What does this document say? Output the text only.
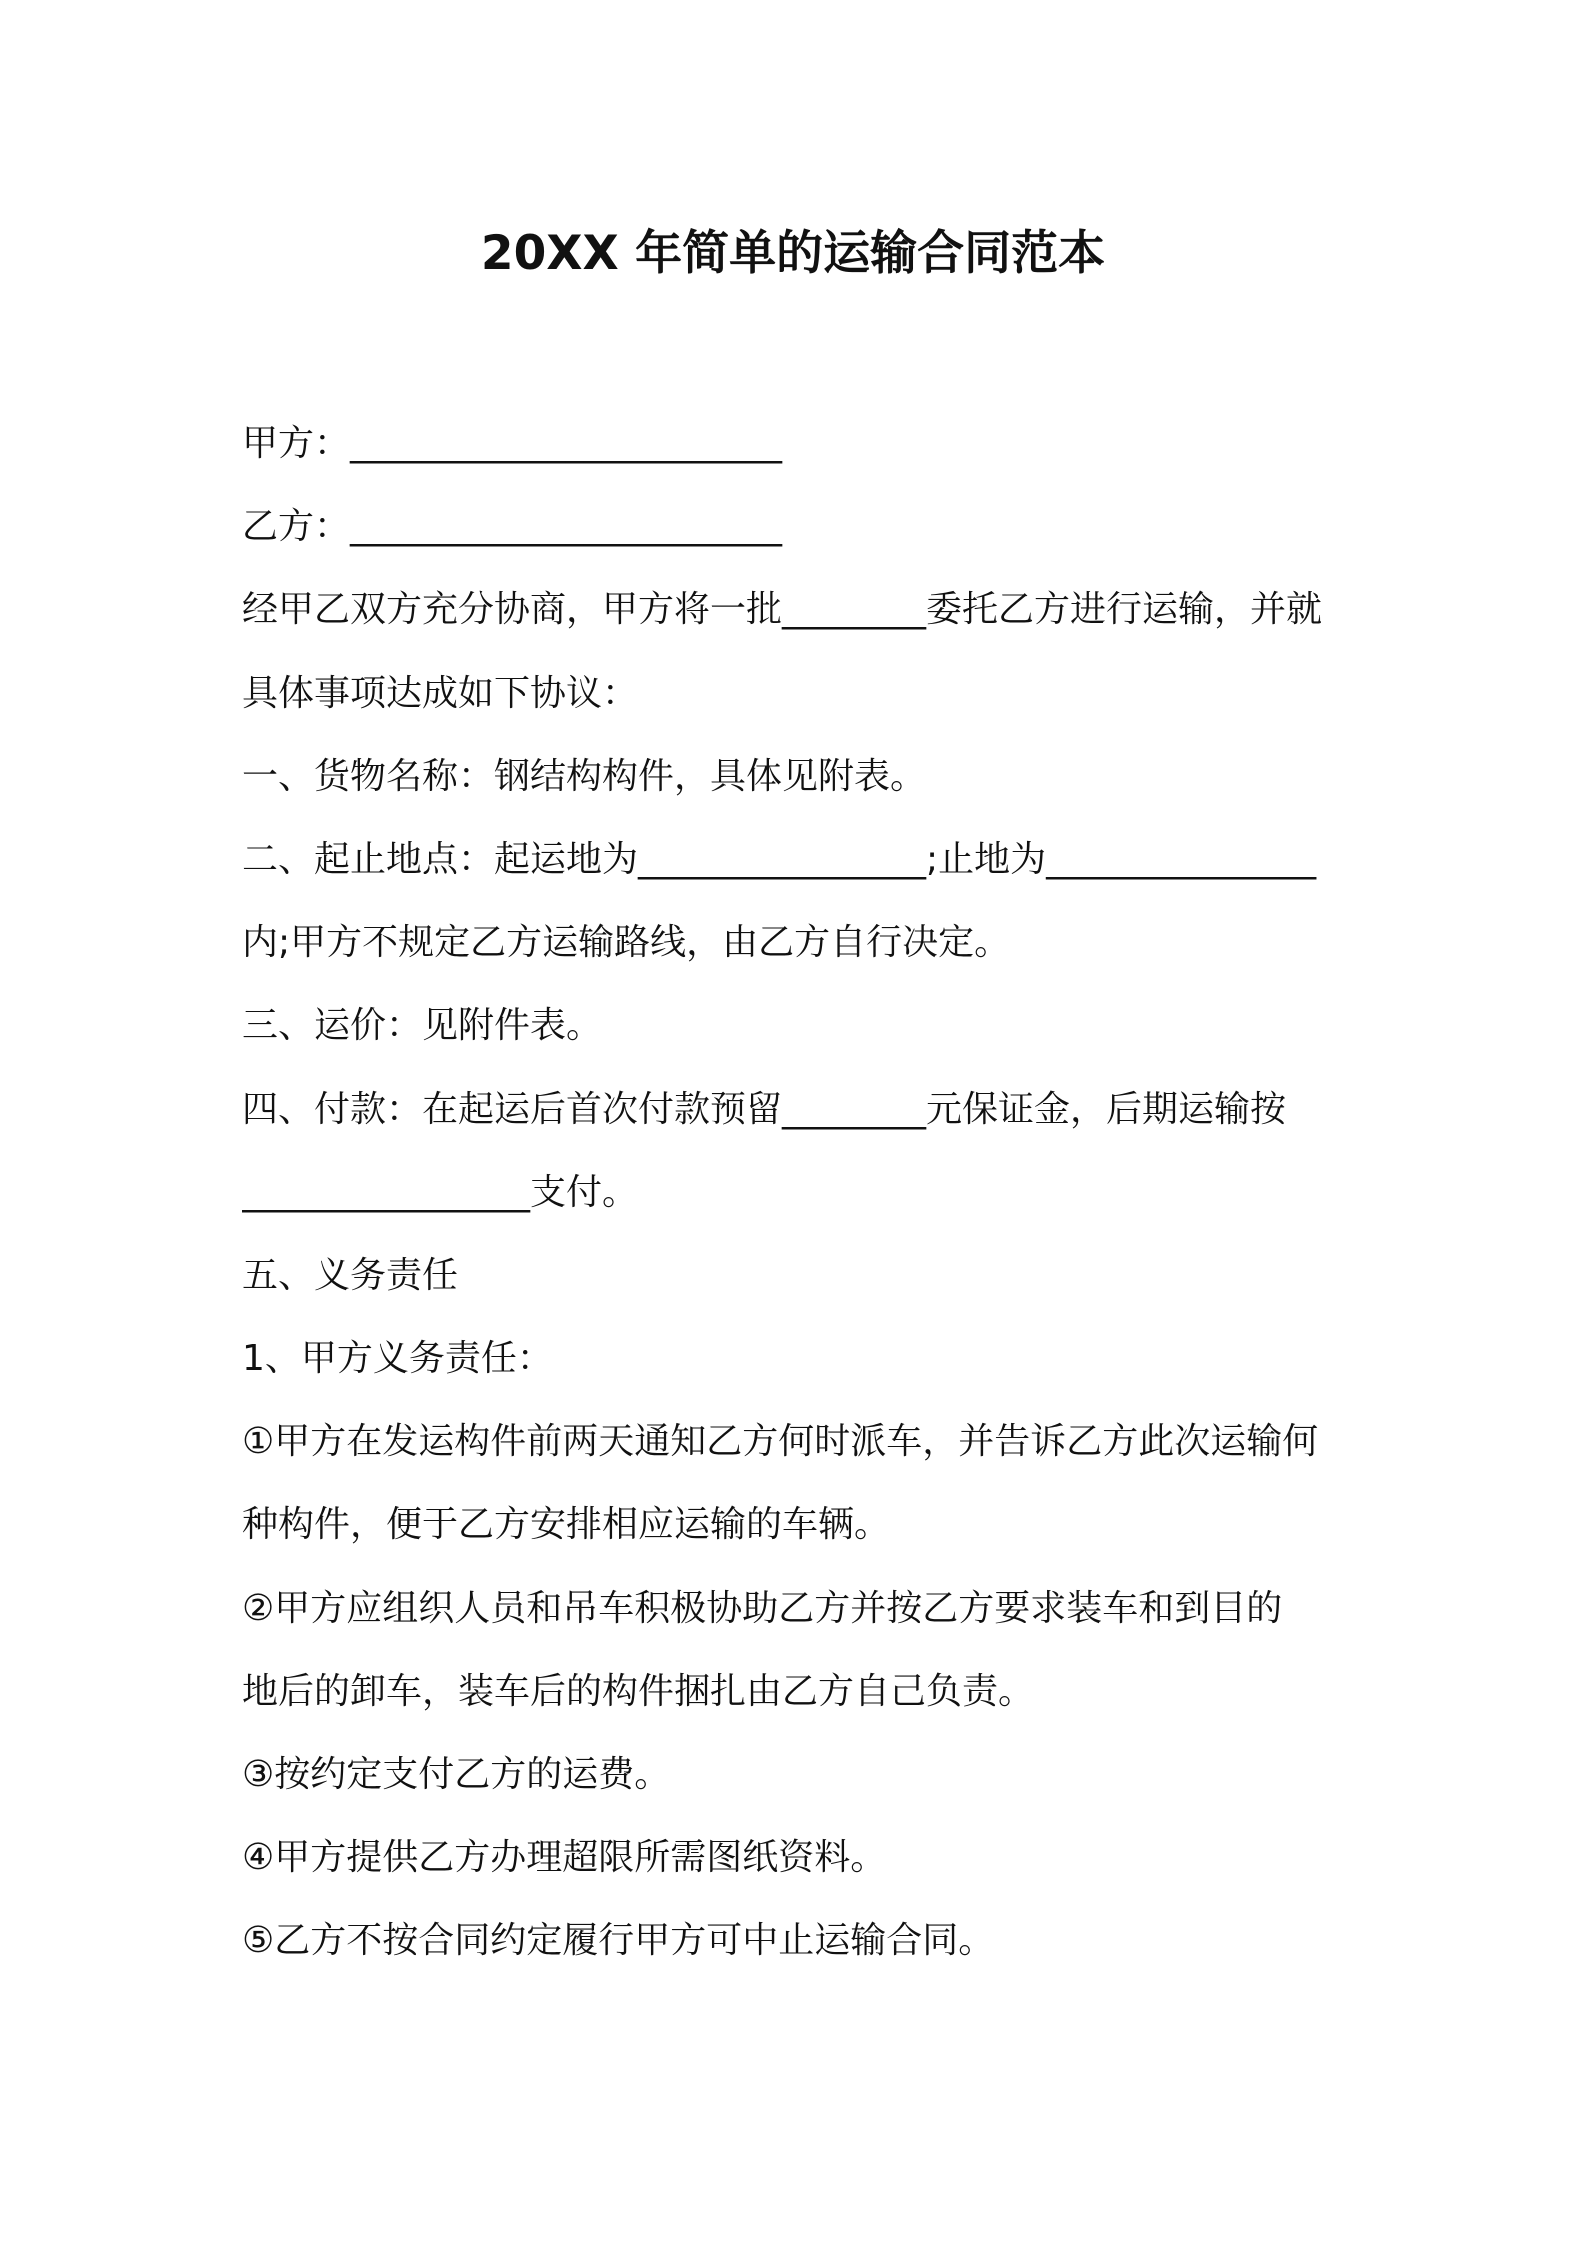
20XX 年简单的运输合同范本
甲方：________________________
乙方：________________________
经甲乙双方充分协商，甲方将一批________委托乙方进行运输，并就
具体事项达成如下协议：
一、货物名称：钢结构构件，具体见附表。
二、起止地点：起运地为________________;止地为_______________
内;甲方不规定乙方运输路线，由乙方自行决定。
三、运价：见附件表。
四、付款：在起运后首次付款预留________元保证金，后期运输按
________________支付。
五、义务责任
1、甲方义务责任：
①甲方在发运构件前两天通知乙方何时派车，并告诉乙方此次运输何
种构件，便于乙方安排相应运输的车辆。
②甲方应组织人员和吊车积极协助乙方并按乙方要求装车和到目的
地后的卸车，装车后的构件捆扎由乙方自己负责。
③按约定支付乙方的运费。
④甲方提供乙方办理超限所需图纸资料。
⑤乙方不按合同约定履行甲方可中止运输合同。
